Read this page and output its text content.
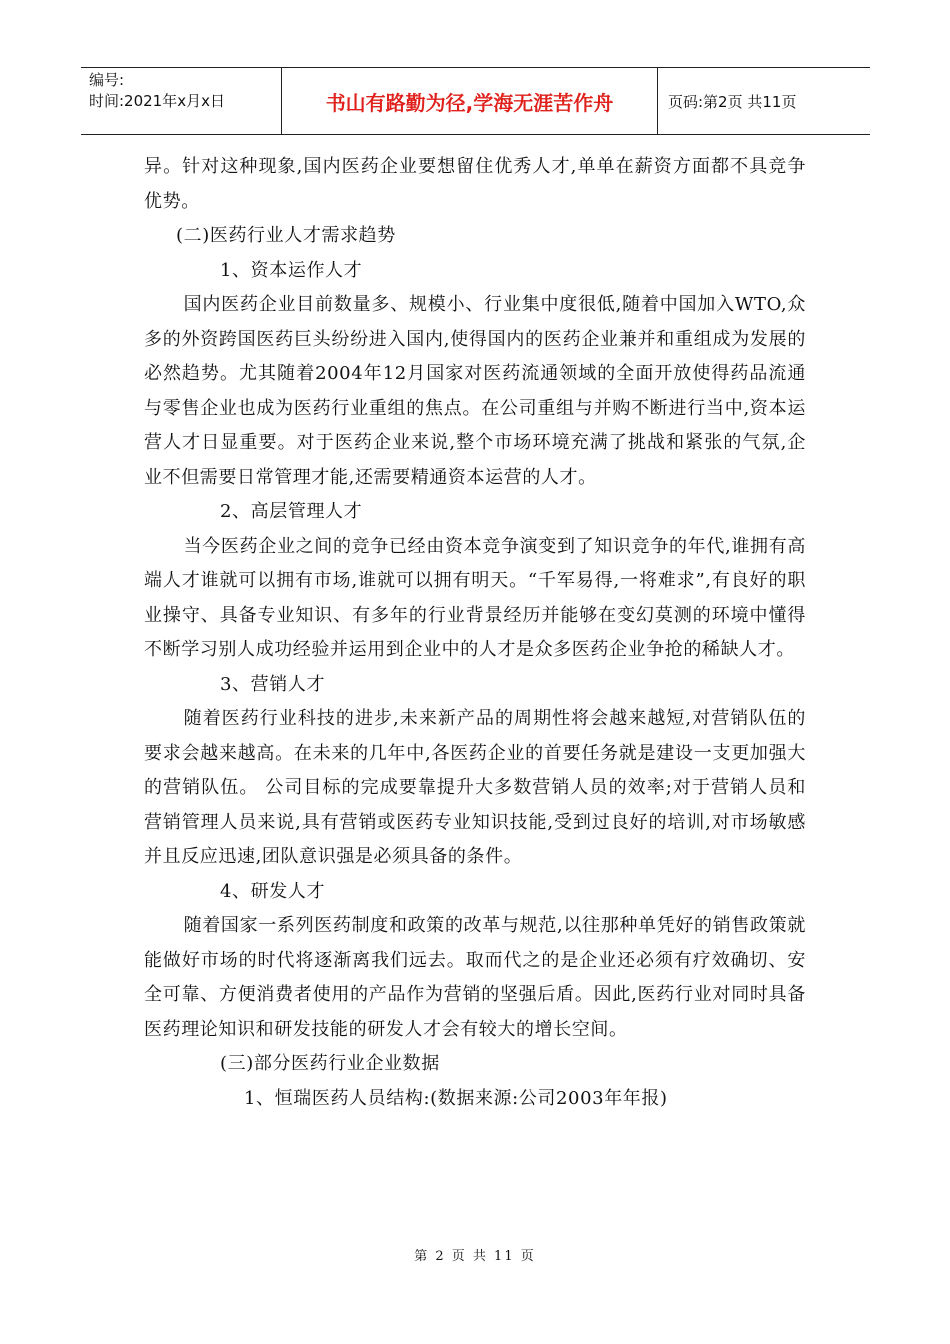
编号:
时间:2021年x月x日	书山有路勤为径,学海无涯苦作舟	页码:第2页 共11页

异。针对这种现象,国内医药企业要想留住优秀人才,单单在薪资方面都不具竞争优势。

(二)医药行业人才需求趋势

1、资本运作人才

国内医药企业目前数量多、规模小、行业集中度很低,随着中国加入WTO,众多的外资跨国医药巨头纷纷进入国内,使得国内的医药企业兼并和重组成为发展的必然趋势。尤其随着2004年12月国家对医药流通领域的全面开放使得药品流通与零售企业也成为医药行业重组的焦点。在公司重组与并购不断进行当中,资本运营人才日显重要。对于医药企业来说,整个市场环境充满了挑战和紧张的气氛,企业不但需要日常管理才能,还需要精通资本运营的人才。

2、高层管理人才

当今医药企业之间的竞争已经由资本竞争演变到了知识竞争的年代,谁拥有高端人才谁就可以拥有市场,谁就可以拥有明天。“千军易得,一将难求”,有良好的职业操守、具备专业知识、有多年的行业背景经历并能够在变幻莫测的环境中懂得不断学习别人成功经验并运用到企业中的人才是众多医药企业争抢的稀缺人才。

3、营销人才

随着医药行业科技的进步,未来新产品的周期性将会越来越短,对营销队伍的要求会越来越高。在未来的几年中,各医药企业的首要任务就是建设一支更加强大的营销队伍。 公司目标的完成要靠提升大多数营销人员的效率;对于营销人员和营销管理人员来说,具有营销或医药专业知识技能,受到过良好的培训,对市场敏感并且反应迅速,团队意识强是必须具备的条件。

4、研发人才

随着国家一系列医药制度和政策的改革与规范,以往那种单凭好的销售政策就能做好市场的时代将逐渐离我们远去。取而代之的是企业还必须有疗效确切、安全可靠、方便消费者使用的产品作为营销的坚强后盾。因此,医药行业对同时具备医药理论知识和研发技能的研发人才会有较大的增长空间。

(三)部分医药行业企业数据

1、恒瑞医药人员结构:(数据来源:公司2003年年报)

第 2 页 共 11 页
